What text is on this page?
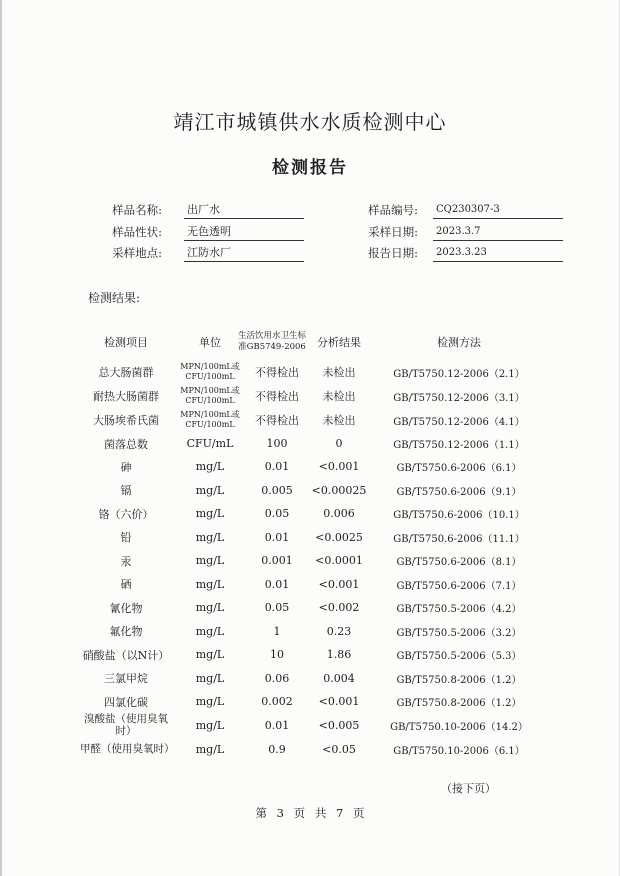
靖江市城镇供水水质检测中心
检测报告
样品名称: 出厂水	样品编号:	CQ230307-3
样品性状: 无色透明	采样日期:	2023.3.7
采样地点: 江防水厂	报告日期:	2023.3.23
检测结果:
检测项目	单位	生活饮用水卫生标准GB5749-2006	分析结果	检测方法
总大肠菌群	MPN/100mL或CFU/100mL	不得检出	未检出	GB/T5750.12-2006（2.1）
耐热大肠菌群	MPN/100mL或CFU/100mL	不得检出	未检出	GB/T5750.12-2006（3.1）
大肠埃希氏菌	MPN/100mL或CFU/100mL	不得检出	未检出	GB/T5750.12-2006（4.1）
菌落总数	CFU/mL	100	0	GB/T5750.12-2006（1.1）
砷	mg/L	0.01	<0.001	GB/T5750.6-2006（6.1）
镉	mg/L	0.005	<0.00025	GB/T5750.6-2006（9.1）
铬（六价）	mg/L	0.05	0.006	GB/T5750.6-2006（10.1）
铅	mg/L	0.01	<0.0025	GB/T5750.6-2006（11.1）
汞	mg/L	0.001	<0.0001	GB/T5750.6-2006（8.1）
硒	mg/L	0.01	<0.001	GB/T5750.6-2006（7.1）
氰化物	mg/L	0.05	<0.002	GB/T5750.5-2006（4.2）
氟化物	mg/L	1	0.23	GB/T5750.5-2006（3.2）
硝酸盐（以N计）	mg/L	10	1.86	GB/T5750.5-2006（5.3）
三氯甲烷	mg/L	0.06	0.004	GB/T5750.8-2006（1.2）
四氯化碳	mg/L	0.002	<0.001	GB/T5750.8-2006（1.2）
溴酸盐（使用臭氧时）	mg/L	0.01	<0.005	GB/T5750.10-2006（14.2）
甲醛（使用臭氧时）	mg/L	0.9	<0.05	GB/T5750.10-2006（6.1）
（接下页）
第 3 页 共 7 页
